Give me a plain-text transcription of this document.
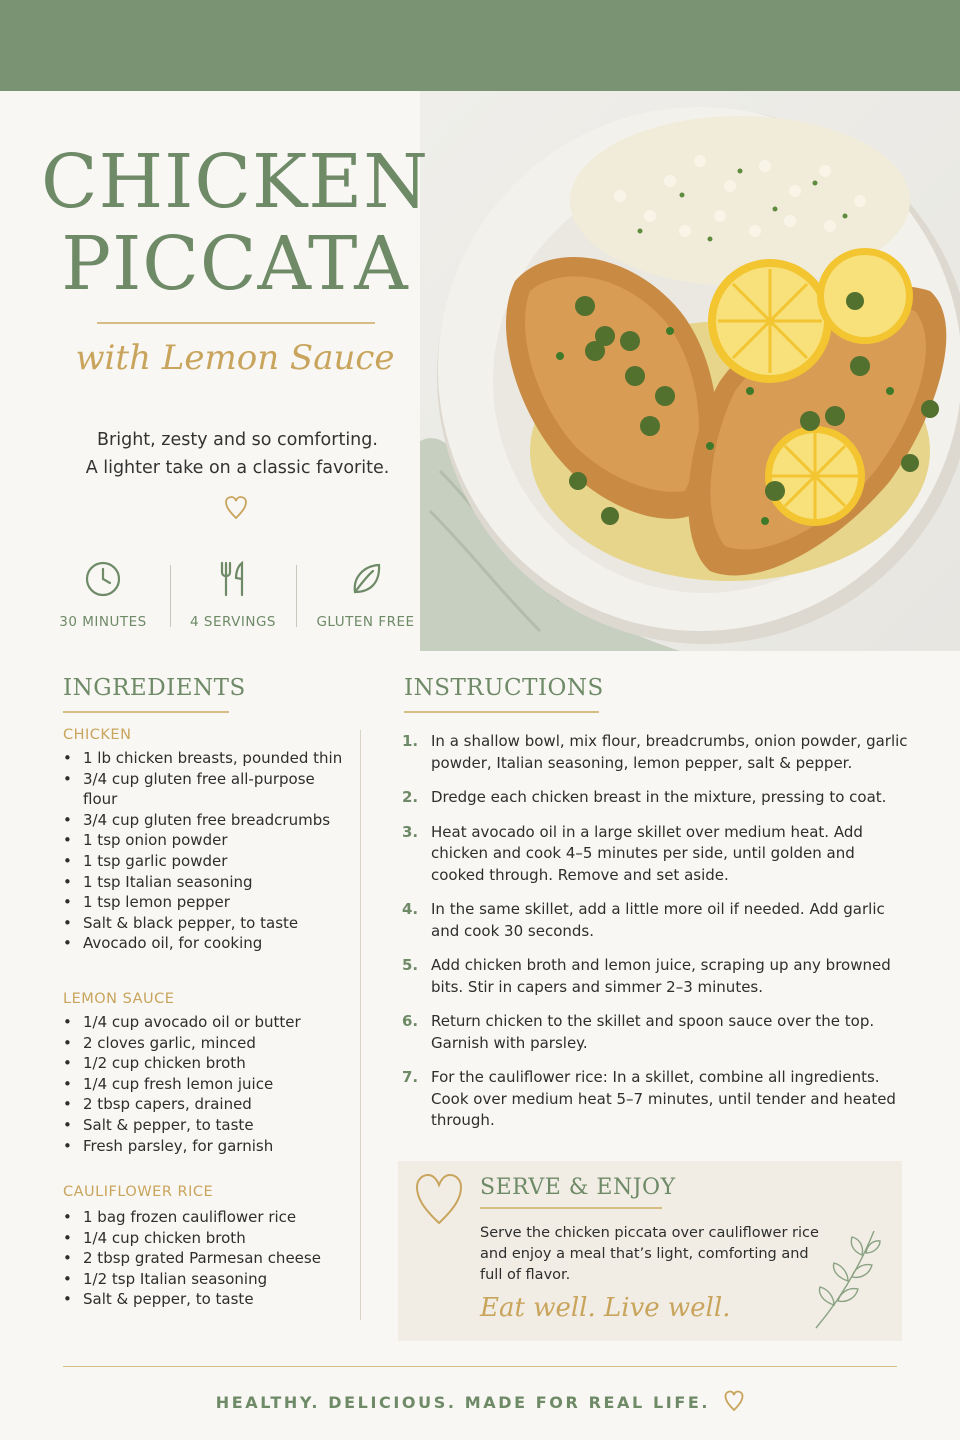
CHICKEN
PICCATA
with Lemon Sauce
Bright, zesty and so comforting.
A lighter take on a classic favorite.
30 MINUTES	4 SERVINGS	GLUTEN FREE
INGREDIENTS
CHICKEN
• 1 lb chicken breasts, pounded thin
• 3/4 cup gluten free all-purpose flour
• 3/4 cup gluten free breadcrumbs
• 1 tsp onion powder
• 1 tsp garlic powder
• 1 tsp Italian seasoning
• 1 tsp lemon pepper
• Salt & black pepper, to taste
• Avocado oil, for cooking
LEMON SAUCE
• 1/4 cup avocado oil or butter
• 2 cloves garlic, minced
• 1/2 cup chicken broth
• 1/4 cup fresh lemon juice
• 2 tbsp capers, drained
• Salt & pepper, to taste
• Fresh parsley, for garnish
CAULIFLOWER RICE
• 1 bag frozen cauliflower rice
• 1/4 cup chicken broth
• 2 tbsp grated Parmesan cheese
• 1/2 tsp Italian seasoning
• Salt & pepper, to taste
INSTRUCTIONS
1. In a shallow bowl, mix flour, breadcrumbs, onion powder, garlic powder, Italian seasoning, lemon pepper, salt & pepper.
2. Dredge each chicken breast in the mixture, pressing to coat.
3. Heat avocado oil in a large skillet over medium heat. Add chicken and cook 4–5 minutes per side, until golden and cooked through. Remove and set aside.
4. In the same skillet, add a little more oil if needed. Add garlic and cook 30 seconds.
5. Add chicken broth and lemon juice, scraping up any browned bits. Stir in capers and simmer 2–3 minutes.
6. Return chicken to the skillet and spoon sauce over the top. Garnish with parsley.
7. For the cauliflower rice: In a skillet, combine all ingredients. Cook over medium heat 5–7 minutes, until tender and heated through.
SERVE & ENJOY
Serve the chicken piccata over cauliflower rice and enjoy a meal that’s light, comforting and full of flavor.
Eat well. Live well.
HEALTHY. DELICIOUS. MADE FOR REAL LIFE.
